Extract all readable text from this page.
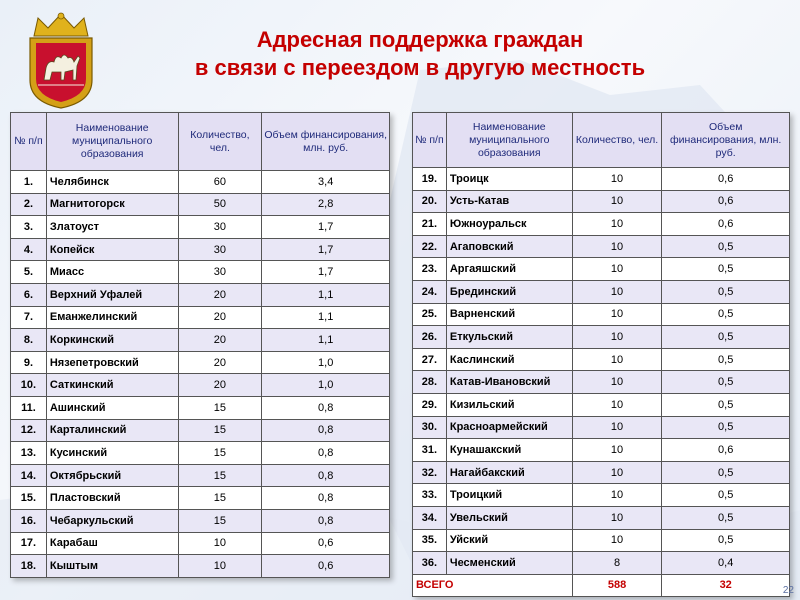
Адресная поддержка граждан
в связи с переездом в другую местность
№ п/п	Наименование муниципального образования	Количество, чел.	Объем финансирования, млн. руб.
1.	Челябинск	60	3,4
2.	Магнитогорск	50	2,8
3.	Златоуст	30	1,7
4.	Копейск	30	1,7
5.	Миасс	30	1,7
6.	Верхний Уфалей	20	1,1
7.	Еманжелинский	20	1,1
8.	Коркинский	20	1,1
9.	Нязепетровский	20	1,0
10.	Саткинский	20	1,0
11.	Ашинский	15	0,8
12.	Карталинский	15	0,8
13.	Кусинский	15	0,8
14.	Октябрьский	15	0,8
15.	Пластовский	15	0,8
16.	Чебаркульский	15	0,8
17.	Карабаш	10	0,6
18.	Кыштым	10	0,6
№ п/п	Наименование муниципального образования	Количество, чел.	Объем финансирования, млн. руб.
19.	Троицк	10	0,6
20.	Усть-Катав	10	0,6
21.	Южноуральск	10	0,6
22.	Агаповский	10	0,5
23.	Аргаяшский	10	0,5
24.	Брединский	10	0,5
25.	Варненский	10	0,5
26.	Еткульский	10	0,5
27.	Каслинский	10	0,5
28.	Катав-Ивановский	10	0,5
29.	Кизильский	10	0,5
30.	Красноармейский	10	0,5
31.	Кунашакский	10	0,6
32.	Нагайбакский	10	0,5
33.	Троицкий	10	0,5
34.	Увельский	10	0,5
35.	Уйский	10	0,5
36.	Чесменский	8	0,4
ВСЕГО		588	32	22
